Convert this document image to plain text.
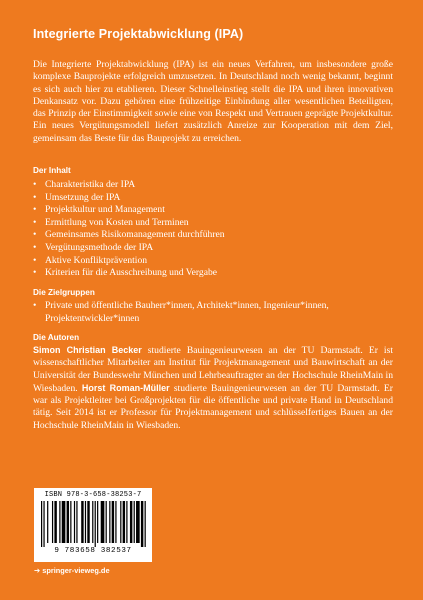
Integrierte Projektabwicklung (IPA)

Die Integrierte Projektabwicklung (IPA) ist ein neues Verfahren, um insbesondere große komplexe Bauprojekte erfolgreich umzusetzen. In Deutschland noch wenig bekannt, beginnt es sich auch hier zu etablieren. Dieser Schnelleinstieg stellt die IPA und ihren innovativen Denkansatz vor. Dazu gehören eine frühzeitige Einbindung aller wesentlichen Beteiligten, das Prinzip der Einstimmigkeit sowie eine von Respekt und Vertrauen geprägte Projektkultur. Ein neues Vergütungsmodell liefert zusätzlich Anreize zur Kooperation mit dem Ziel, gemeinsam das Beste für das Bauprojekt zu erreichen.

Der Inhalt
• Charakteristika der IPA
• Umsetzung der IPA
• Projektkultur und Management
• Ermittlung von Kosten und Terminen
• Gemeinsames Risikomanagement durchführen
• Vergütungsmethode der IPA
• Aktive Konfliktprävention
• Kriterien für die Ausschreibung und Vergabe
Die Zielgruppen
• Private und öffentliche Bauherr*innen, Architekt*innen, Ingenieur*innen, Projektentwickler*innen
Die Autoren

Simon Christian Becker studierte Bauingenieurwesen an der TU Darmstadt. Er ist wissenschaftlicher Mitarbeiter am Institut für Projektmanagement und Bauwirtschaft an der Universität der Bundeswehr München und Lehrbeauftragter an der Hochschule RheinMain in Wiesbaden. Horst Roman-Müller studierte Bauingenieurwesen an der TU Darmstadt. Er war als Projektleiter bei Großprojekten für die öffentliche und private Hand in Deutschland tätig. Seit 2014 ist er Professor für Projektmanagement und schlüsselfertiges Bauen an der Hochschule RheinMain in Wiesbaden.

ISBN 978-3-658-38253-7
9 783658 382537
➔ springer-vieweg.de
